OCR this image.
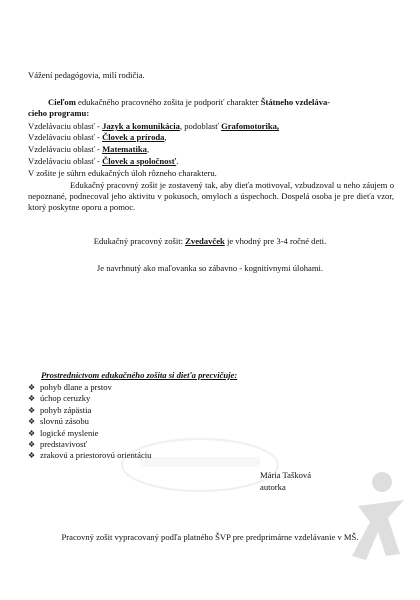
Vážení pedagógovia, milí rodičia.
Cieľom edukačného pracovného zošita je podporiť charakter Štátneho vzdeláva-
cieho programu:
Vzdelávaciu oblasť - Jazyk a komunikácia, podoblasť Grafomotorika,
Vzdelávaciu oblasť - Človek a príroda,
Vzdelávaciu oblasť - Matematika,
Vzdelávaciu oblasť - Človek a spoločnosť.
V zošite je súhrn edukačných úloh rôzneho charakteru.
Edukačný pracovný zošit je zostavený tak, aby dieťa motivoval, vzbudzoval u neho záujem o nepoznané, podnecoval jeho aktivitu v pokusoch, omyloch a úspechoch. Dospelá osoba je pre dieťa vzor, ktorý poskytne oporu a pomoc.
Edukačný pracovný zošit: Zvedavček je vhodný pre 3-4 ročné deti.
Je navrhnutý ako maľovanka so zábavno - kognitívnymi úlohami.
Prostredníctvom edukačného zošita si dieťa precvičuje:
❖ pohyb dlane a prstov
❖ úchop ceruzky
❖ pohyb zápästia
❖ slovnú zásobu
❖ logické myslenie
❖ predstavivosť
❖ zrakovú a priestorovú orientáciu
Mária Tašková
autorka
Pracovný zošit vypracovaný podľa platného ŠVP pre predprimárne vzdelávanie v MŠ.
